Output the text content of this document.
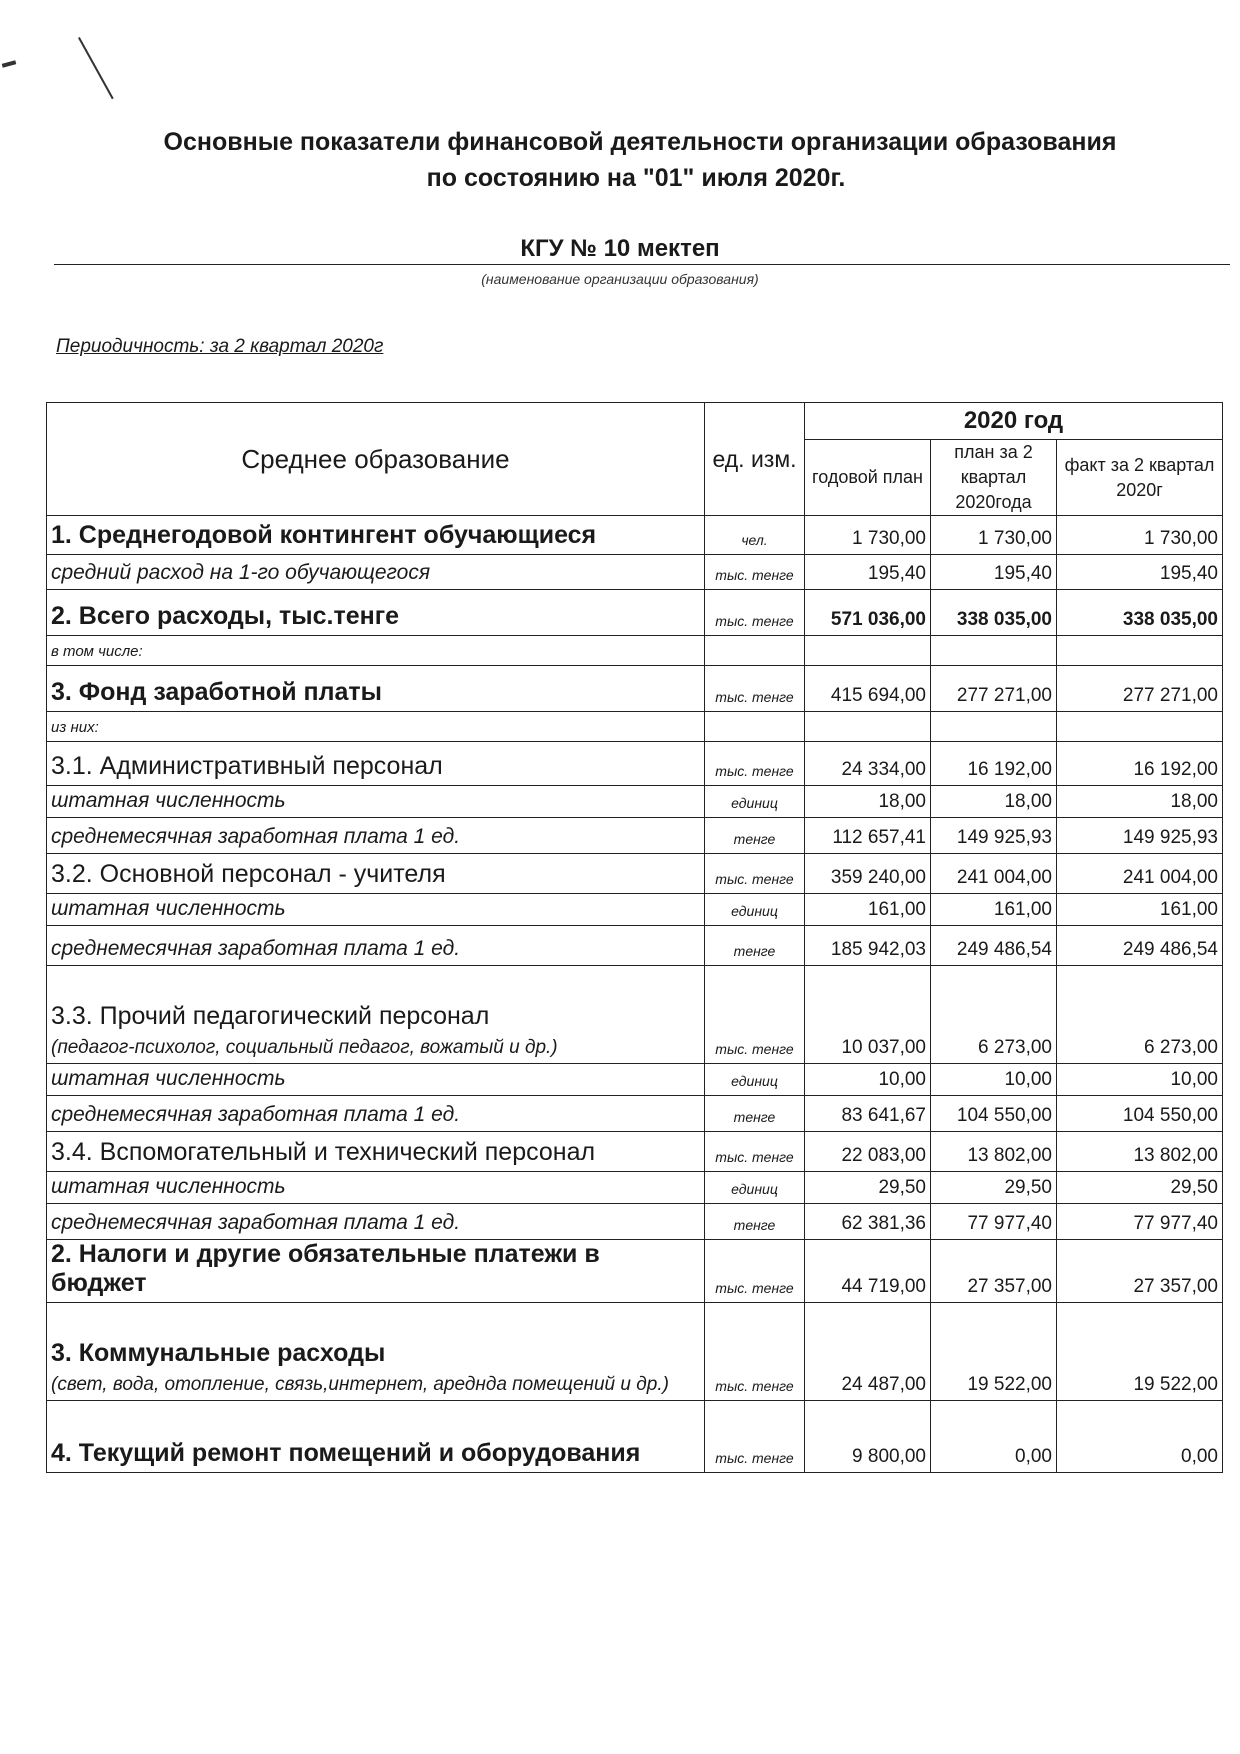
Основные показатели финансовой деятельности организации образования
по состоянию на "01" июля 2020г.
КГУ № 10 мектеп
(наименование организации образования)
Периодичность: за 2 квартал 2020г
Среднее образование	ед. изм.	2020 год		
		годовой план	план за 2 квартал 2020года	факт за 2 квартал 2020г
1. Среднегодовой контингент обучающиеся	чел.	1 730,00	1 730,00	1 730,00
средний расход на 1-го обучающегося	тыс. тенге	195,40	195,40	195,40
2. Всего расходы, тыс.тенге	тыс. тенге	571 036,00	338 035,00	338 035,00
в том числе:				
3. Фонд заработной платы	тыс. тенге	415 694,00	277 271,00	277 271,00
из них:				
3.1. Административный персонал	тыс. тенге	24 334,00	16 192,00	16 192,00
штатная численность	единиц	18,00	18,00	18,00
среднемесячная заработная плата 1 ед.	тенге	112 657,41	149 925,93	149 925,93
3.2. Основной персонал - учителя	тыс. тенге	359 240,00	241 004,00	241 004,00
штатная численность	единиц	161,00	161,00	161,00
среднемесячная заработная плата 1 ед.	тенге	185 942,03	249 486,54	249 486,54
3.3. Прочий педагогический персонал
(педагог-психолог, социальный педагог, вожатый и др.)	тыс. тенге	10 037,00	6 273,00	6 273,00
штатная численность	единиц	10,00	10,00	10,00
среднемесячная заработная плата 1 ед.	тенге	83 641,67	104 550,00	104 550,00
3.4. Вспомогательный и технический персонал	тыс. тенге	22 083,00	13 802,00	13 802,00
штатная численность	единиц	29,50	29,50	29,50
среднемесячная заработная плата 1 ед.	тенге	62 381,36	77 977,40	77 977,40
2. Налоги и другие обязательные платежи в бюджет	тыс. тенге	44 719,00	27 357,00	27 357,00
3. Коммунальные расходы
(свет, вода, отопление, связь,интернет, ареднда помещений и др.)	тыс. тенге	24 487,00	19 522,00	19 522,00
4. Текущий ремонт помещений и оборудования	тыс. тенге	9 800,00	0,00	0,00
